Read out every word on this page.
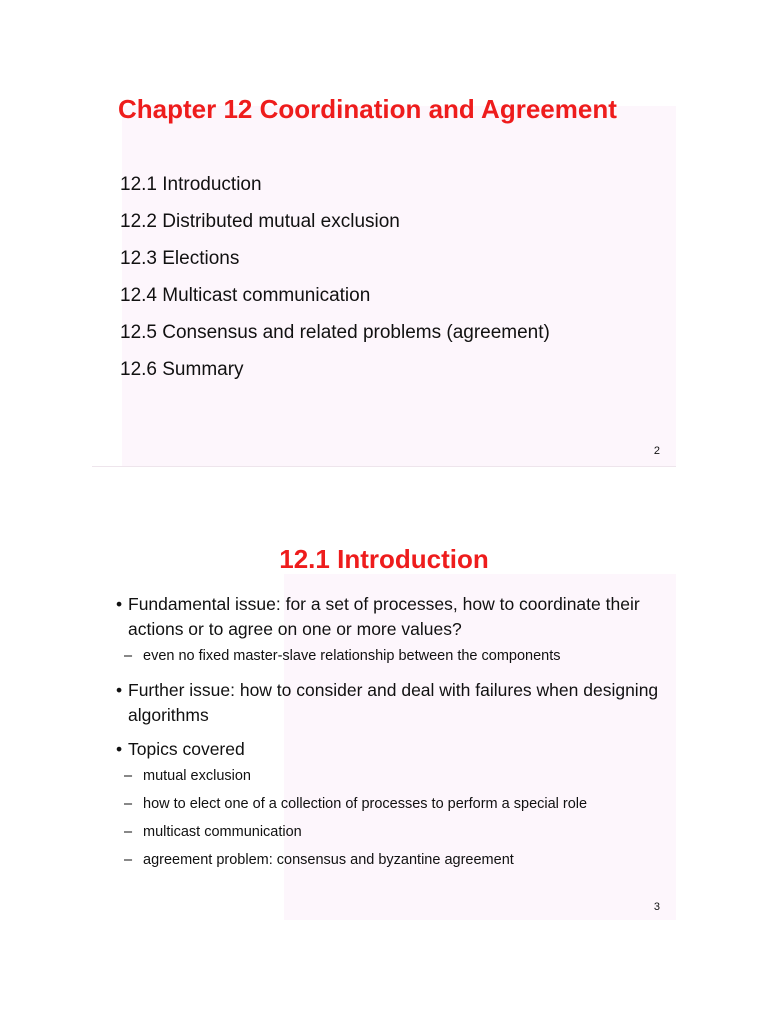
Chapter 12 Coordination and Agreement
12.1 Introduction
12.2 Distributed mutual exclusion
12.3 Elections
12.4 Multicast communication
12.5 Consensus and related problems (agreement)
12.6 Summary
2
12.1 Introduction
• Fundamental issue: for a set of processes, how to coordinate their actions or to agree on one or more values?
– even no fixed master-slave relationship between the components
• Further issue: how to consider and deal with failures when designing algorithms
• Topics covered
– mutual exclusion
– how to elect one of a collection of processes to perform a special role
– multicast communication
– agreement problem: consensus and byzantine agreement
3
